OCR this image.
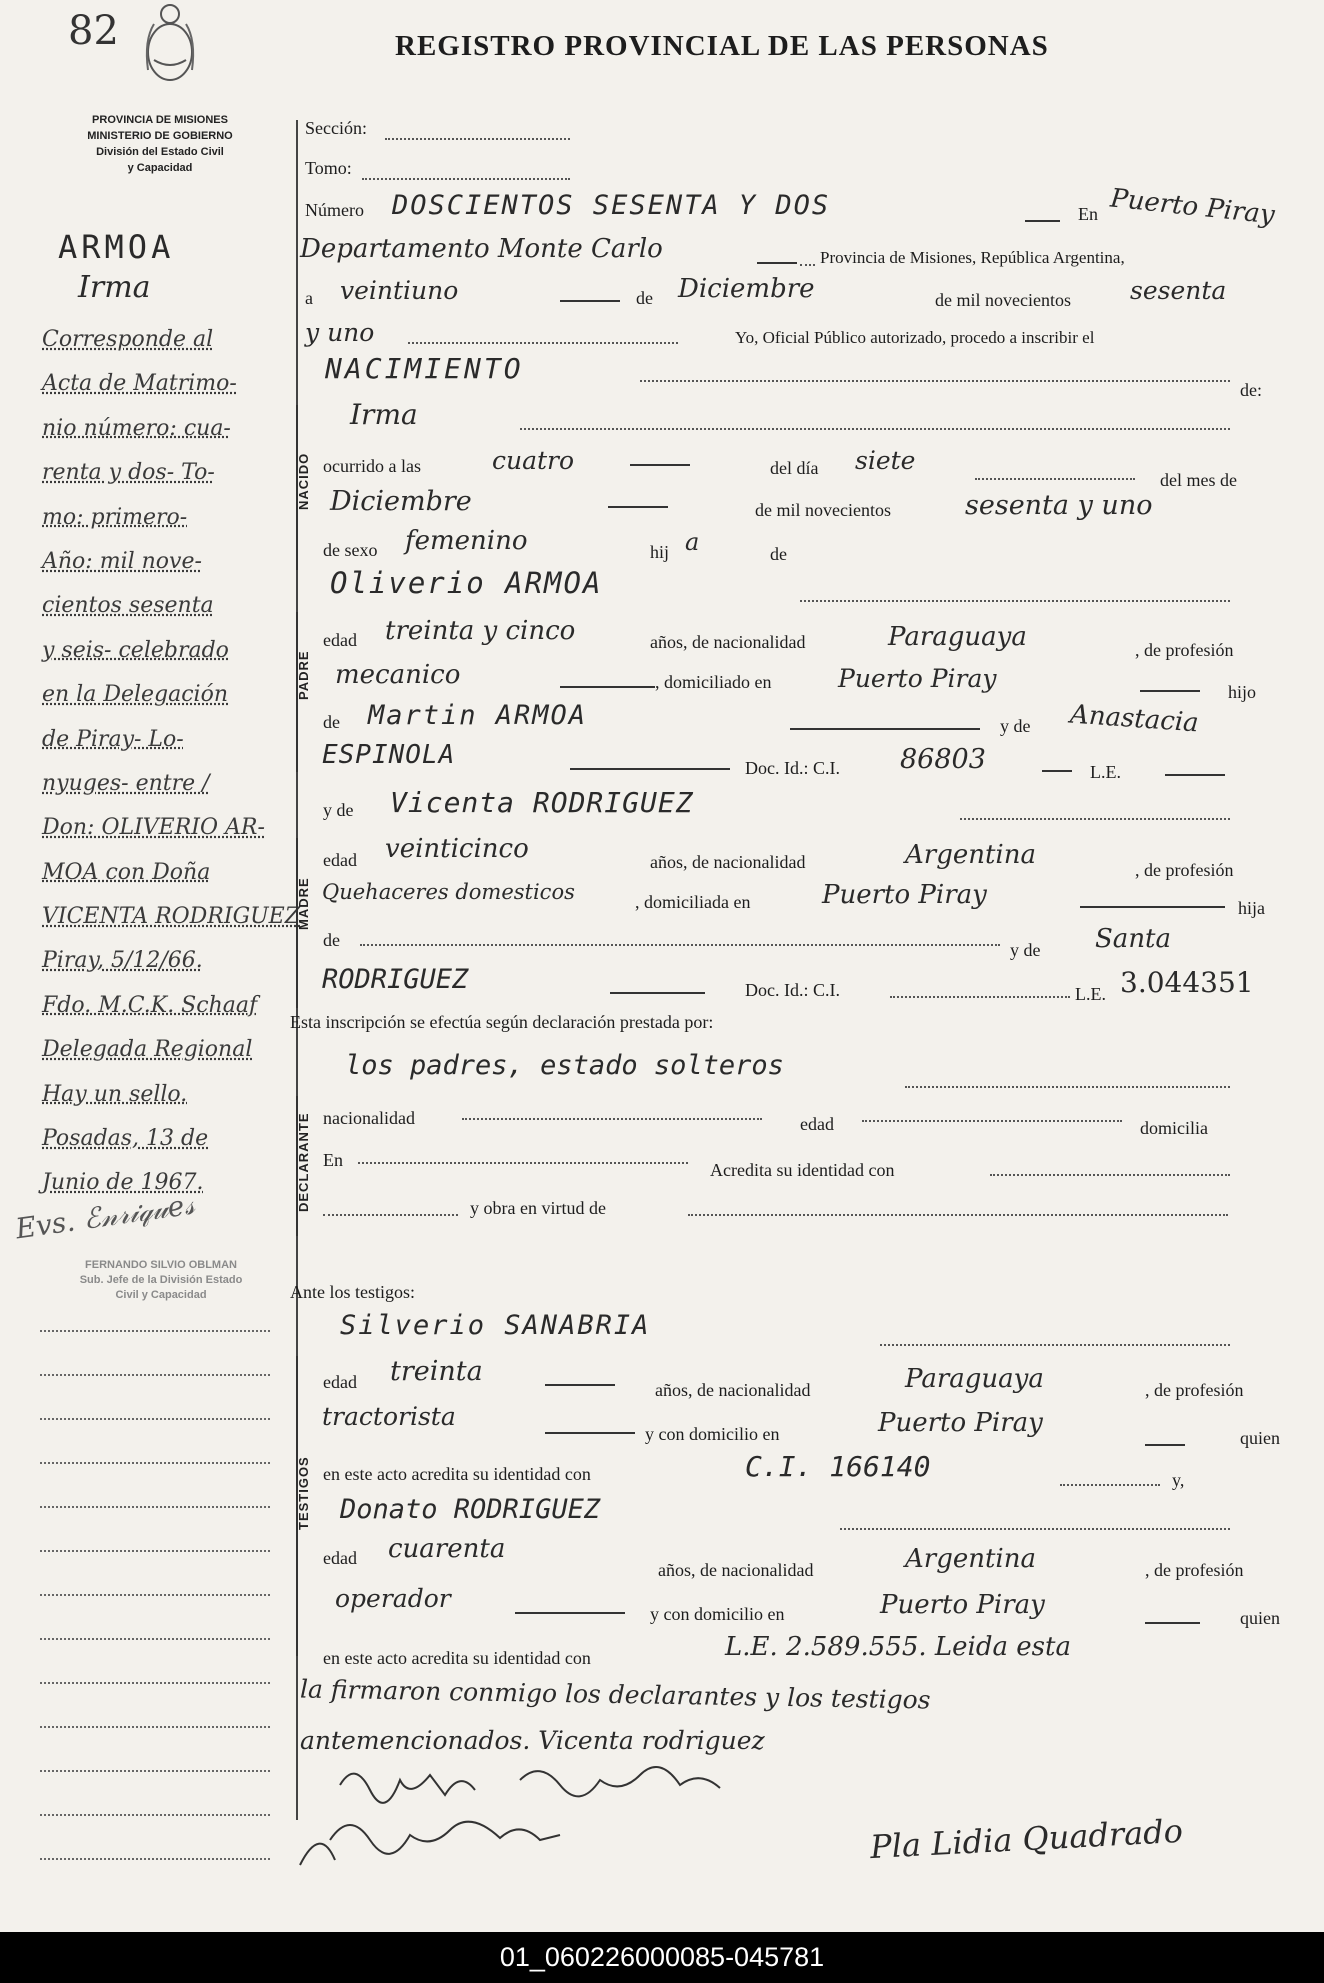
82	REGISTRO PROVINCIAL DE LAS PERSONAS
PROVINCIA DE MISIONES
MINISTERIO DE GOBIERNO
División del Estado Civil
y Capacidad
ARMOA
Irma
Corresponde al
Acta de Matrimo-
nio número: cua-
renta y dos- To-
mo: primero-
Año: mil nove-
cientos sesenta
y seis- celebrado
en la Delegación
de Piray- Lo-
nyuges- entre /
Don: OLIVERIO AR-
MOA con Doña
VICENTA RODRIGUEZ
Piray, 5/12/66.
Fdo. M.C.K. Schaaf
Delegada Regional
Hay un sello.
Posadas, 13 de
Junio de 1967.
Evs. ℰ𝓃𝓇𝒾𝓆𝓊𝑒𝓈
FERNANDO SILVIO OBLMAN
Sub. Jefe de la División Estado
Civil y Capacidad
Sección:
Tomo:
Número DOSCIENTOS SESENTA Y DOS	En Puerto Piray
Departamento Monte Carlo	Provincia de Misiones, República Argentina,
a veintiuno	de Diciembre	de mil novecientos sesenta
y uno	Yo, Oficial Público autorizado, procedo a inscribir el
NACIMIENTO
de:
NACIDO
Irma
ocurrido a las	cuatro	del día siete
del mes de
Diciembre	de mil novecientos	sesenta y uno
de sexo femenino	hij a	de
Oliverio ARMOA
PADRE
edad treinta y cinco	años, de nacionalidad	Paraguaya	, de profesión
mecanico	, domiciliado en	Puerto Piray	hijo
de Martin ARMOA	y de Anastacia
ESPINOLA	Doc. Id.: C.I. 86803	L.E.
y de Vicenta RODRIGUEZ
MADRE
edad veinticinco	años, de nacionalidad	Argentina	, de profesión
Quehaceres domesticos	, domiciliada en	Puerto Piray	hija
de	y de Santa
RODRIGUEZ	Doc. Id.: C.I.	L.E. 3.044351
Esta inscripción se efectúa según declaración prestada por:
los padres, estado solteros
DECLARANTE nacionalidad	edad	domicilia
En	Acredita su identidad con
y obra en virtud de
Ante los testigos:
Silverio SANABRIA
TESTIGOS
edad treinta
años, de nacionalidad	Paraguaya	, de profesión
tractorista
y con domicilio en	Puerto Piray	quien
en este acto acredita su identidad con	C.I. 166140	y,
Donato RODRIGUEZ
edad cuarenta
años, de nacionalidad	Argentina	, de profesión
operador
y con domicilio en	Puerto Piray	quien
en este acto acredita su identidad con	L.E. 2.589.555. Leida esta
la firmaron conmigo los declarantes y los testigos
antemencionados. Vicenta rodriguez
Pla Lidia Quadrado
01_060226000085-045781
